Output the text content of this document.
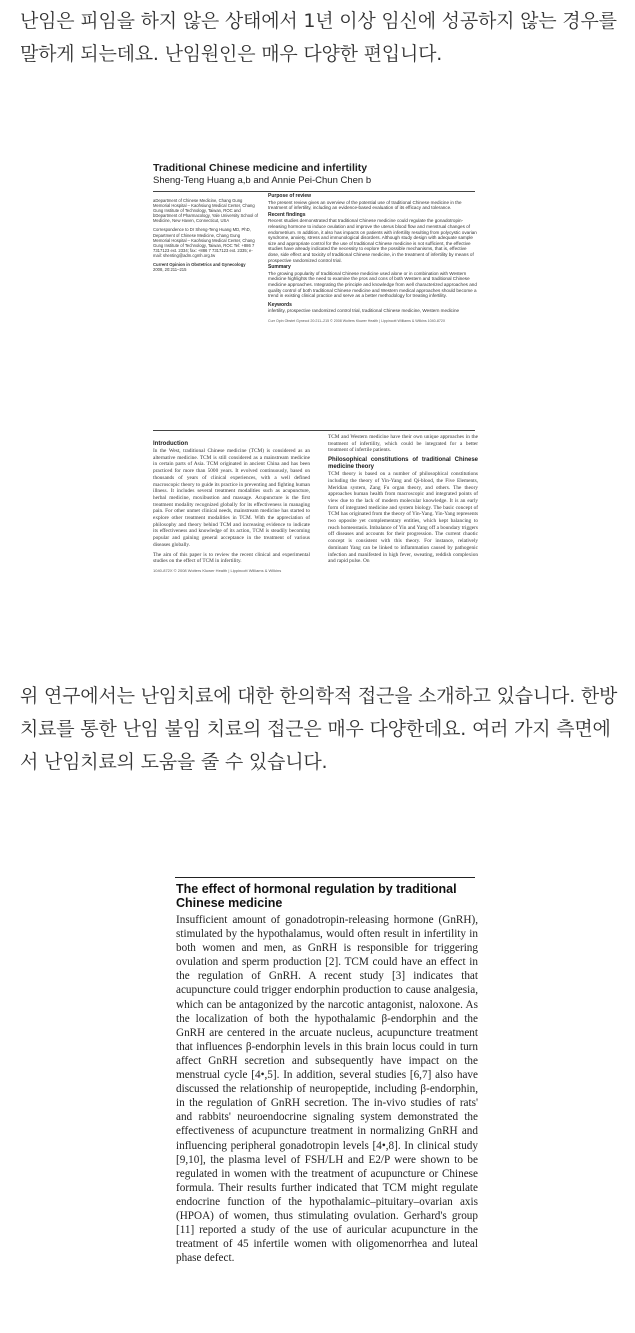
난임은 피임을 하지 않은 상태에서 1년 이상 임신에 성공하지 않는 경우를 말하게 되는데요. 난임원인은 매우 다양한 편입니다.
Traditional Chinese medicine and infertility
Sheng-Teng Huang a,b and Annie Pei-Chun Chen b

aDepartment of Chinese Medicine, Chang Gung Memorial Hospital – Kaohsiung Medical Center, Chang Gung Institute of Technology, Taiwan, ROC and bDepartment of Pharmacology, Yale University School of Medicine, New Haven, Connecticut, USA

Correspondence to Dr Sheng-Teng Huang MD, PhD, Department of Chinese Medicine, Chang Gung Memorial Hospital – Kaohsiung Medical Center, Chang Gung Institute of Technology, Taiwan, ROC Tel: +886 7 7317123 ext. 2334; fax: +886 7 7317123 ext. 2335; e-mail: shenting@adm.cgmh.org.tw

Current Opinion in Obstetrics and Gynecology

2008, 20:211–215

Purpose of review

The present review gives an overview of the potential use of traditional Chinese medicine in the treatment of infertility, including an evidence-based evaluation of its efficacy and tolerance.

Recent findings

Recent studies demonstrated that traditional Chinese medicine could regulate the gonadotropin-releasing hormone to induce ovulation and improve the uterus blood flow and menstrual changes of endometrium. In addition, it also has impacts on patients with infertility resulting from polycystic ovarian syndrome, anxiety, stress and immunological disorders. Although study design with adequate sample size and appropriate control for the use of traditional Chinese medicine is not sufficient, the effective studies have already indicated the necessity to explore the possible mechanisms, that is, effective dose, side effect and toxicity of traditional Chinese medicine, in the treatment of infertility by means of prospective randomized control trial.

Summary

The growing popularity of traditional Chinese medicine used alone or in combination with Western medicine highlights the need to examine the pros and cons of both Western and traditional Chinese medicine approaches. Integrating the principle and knowledge from well characterized approaches and quality control of both traditional Chinese medicine and Western medical approaches should become a trend in existing clinical practice and serve as a better methodology for treating infertility.

Keywords

infertility, prospective randomized control trial, traditional Chinese medicine, Western medicine

Curr Opin Obstet Gynecol 20:211–215 © 2008 Wolters Kluwer Health | Lippincott Williams & Wilkins 1040-872X
Introduction

In the West, traditional Chinese medicine (TCM) is considered as an alternative medicine. TCM is still considered as a mainstream medicine in certain parts of Asia. TCM originated in ancient China and has been practiced for more than 5000 years. It evolved continuously, based on thousands of years of clinical experiences, with a well defined macroscopic theory to guide its practice in preventing and fighting human illness. It includes several treatment modalities such as acupuncture, herbal medicine, moxibustion and massage. Acupuncture is the first treatment modality recognized globally for its effectiveness in managing pain. For other unmet clinical needs, mainstream medicine has started to explore other treatment modalities in TCM. With the appreciation of philosophy and theory behind TCM and increasing evidence to indicate its effectiveness and knowledge of its action, TCM is steadily becoming popular and gaining general acceptance in the treatment of various diseases globally.

The aim of this paper is to review the recent clinical and experimental studies on the effect of TCM in infertility.

TCM and Western medicine have their own unique approaches in the treatment of infertility, which could be integrated for a better treatment of infertile patients.

Philosophical constitutions of traditional Chinese medicine theory

TCM theory is based on a number of philosophical constitutions including the theory of Yin-Yang and Qi-blood, the Five Elements, Meridian system, Zang Fu organ theory, and others. The theory approaches human health from macroscopic and integrated points of view due to the lack of modern molecular knowledge. It is an early form of integrated medicine and system biology. The basic concept of TCM has originated from the theory of Yin-Yang. Yin-Yang represents two opposite yet complementary entities, which kept balancing to reach homeostasis. Imbalance of Yin and Yang off a boundary triggers off diseases and accounts for their progression. The current chaotic concept is consistent with this theory. For instance, relatively dominant Yang can be linked to inflammation caused by pathogenic infection and manifested in high fever, sweating, reddish complexion and rapid pulse. On

1040-872X © 2008 Wolters Kluwer Health | Lippincott Williams & Wilkins
위 연구에서는 난임치료에 대한 한의학적 접근을 소개하고 있습니다. 한방치료를 통한 난임 불임 치료의 접근은 매우 다양한데요. 여러 가지 측면에서 난임치료의 도움을 줄 수 있습니다.
The effect of hormonal regulation by traditional Chinese medicine

Insufficient amount of gonadotropin-releasing hormone (GnRH), stimulated by the hypothalamus, would often result in infertility in both women and men, as GnRH is responsible for triggering ovulation and sperm production [2]. TCM could have an effect in the regulation of GnRH. A recent study [3] indicates that acupuncture could trigger endorphin production to cause analgesia, which can be antagonized by the narcotic antagonist, naloxone. As the localization of both the hypothalamic β-endorphin and the GnRH are centered in the arcuate nucleus, acupuncture treatment that influences β-endorphin levels in this brain locus could in turn affect GnRH secretion and subsequently have impact on the menstrual cycle [4•,5]. In addition, several studies [6,7] also have discussed the relationship of neuropeptide, including β-endorphin, in the regulation of GnRH secretion. The in-vivo studies of rats' and rabbits' neuroendocrine signaling system demonstrated the effectiveness of acupuncture treatment in normalizing GnRH and influencing peripheral gonadotropin levels [4•,8]. In clinical study [9,10], the plasma level of FSH/LH and E2/P were shown to be regulated in women with the treatment of acupuncture or Chinese formula. Their results further indicated that TCM might regulate endocrine function of the hypothalamic–pituitary–ovarian axis (HPOA) of women, thus stimulating ovulation. Gerhard's group [11] reported a study of the use of auricular acupuncture in the treatment of 45 infertile women with oligomenorrhea and luteal phase defect.
